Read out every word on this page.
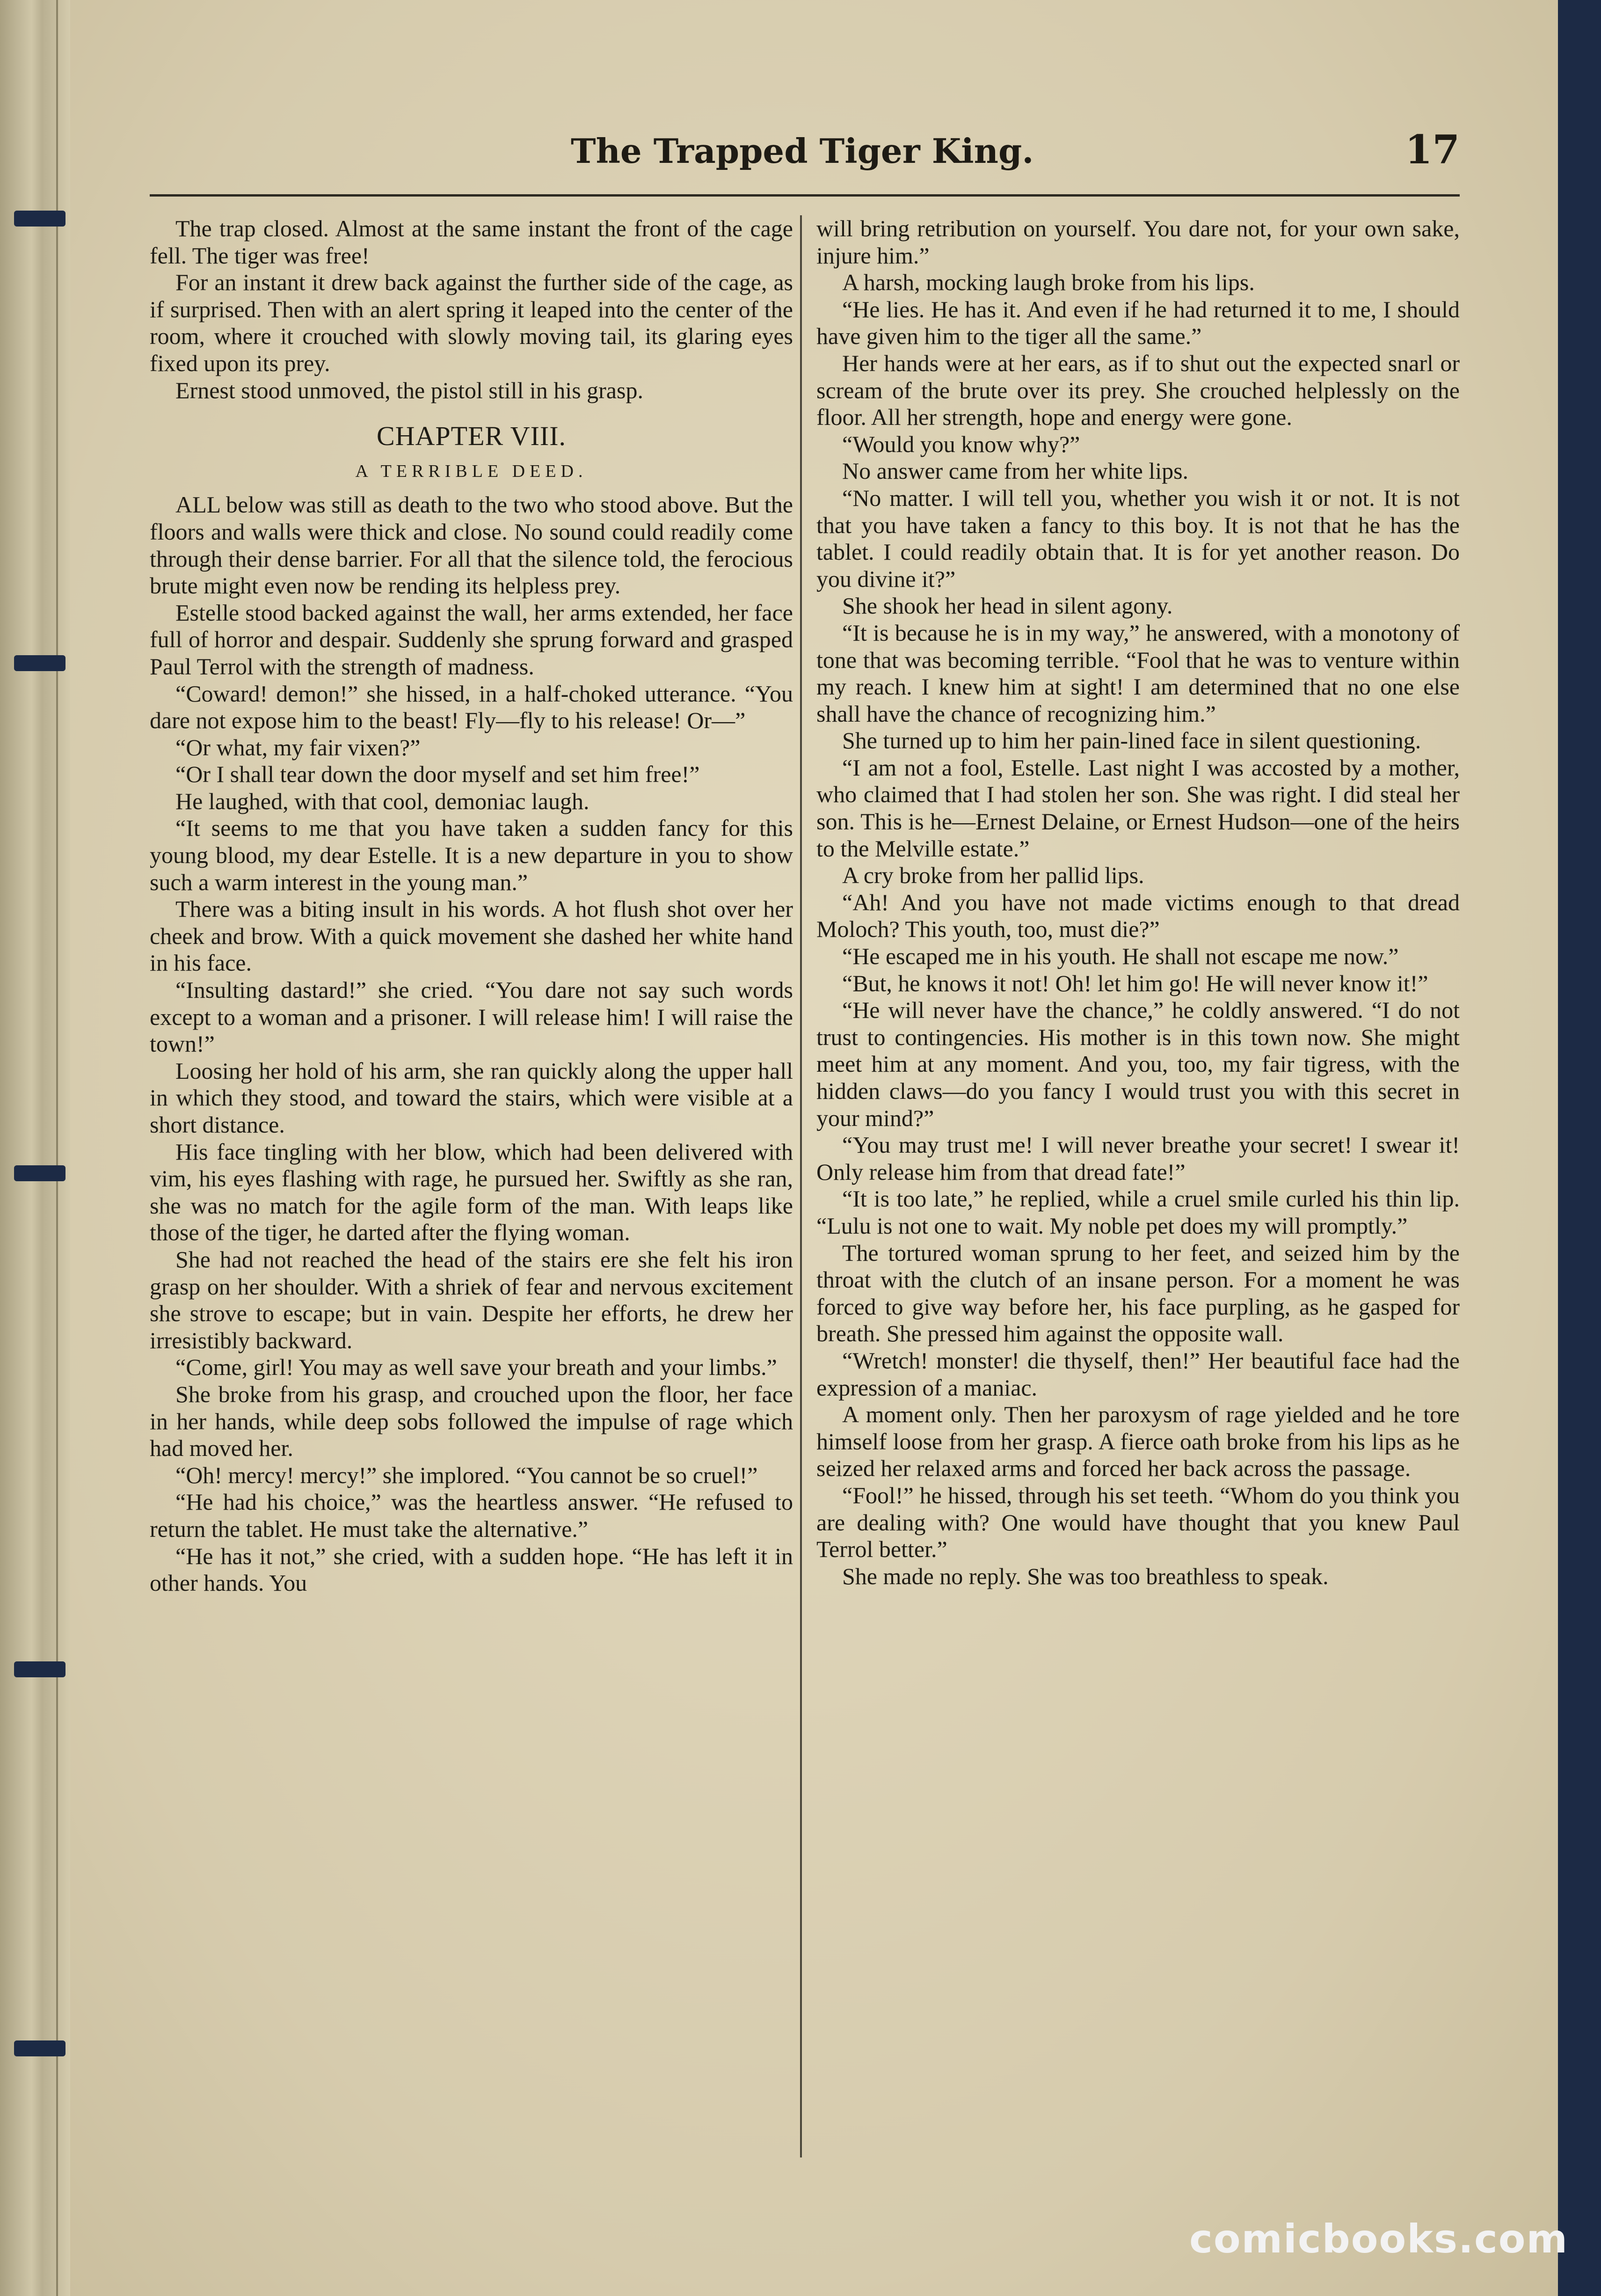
The Trapped Tiger King.	17

The trap closed. Almost at the same instant the front of the cage fell. The tiger was free!

For an instant it drew back against the further side of the cage, as if surprised. Then with an alert spring it leaped into the center of the room, where it crouched with slowly moving tail, its glaring eyes fixed upon its prey.

Ernest stood unmoved, the pistol still in his grasp.

CHAPTER VIII.
A TERRIBLE DEED.

ALL below was still as death to the two who stood above. But the floors and walls were thick and close. No sound could readily come through their dense barrier. For all that the silence told, the ferocious brute might even now be rending its helpless prey.

Estelle stood backed against the wall, her arms extended, her face full of horror and despair. Suddenly she sprung forward and grasped Paul Terrol with the strength of madness.

“Coward! demon!” she hissed, in a half-choked utterance. “You dare not expose him to the beast! Fly—fly to his release! Or—”

“Or what, my fair vixen?”

“Or I shall tear down the door myself and set him free!”

He laughed, with that cool, demoniac laugh.

“It seems to me that you have taken a sudden fancy for this young blood, my dear Estelle. It is a new departure in you to show such a warm interest in the young man.”

There was a biting insult in his words. A hot flush shot over her cheek and brow. With a quick movement she dashed her white hand in his face.

“Insulting dastard!” she cried. “You dare not say such words except to a woman and a prisoner. I will release him! I will raise the town!”

Loosing her hold of his arm, she ran quickly along the upper hall in which they stood, and toward the stairs, which were visible at a short distance.

His face tingling with her blow, which had been delivered with vim, his eyes flashing with rage, he pursued her. Swiftly as she ran, she was no match for the agile form of the man. With leaps like those of the tiger, he darted after the flying woman.

She had not reached the head of the stairs ere she felt his iron grasp on her shoulder. With a shriek of fear and nervous excitement she strove to escape; but in vain. Despite her efforts, he drew her irresistibly backward.

“Come, girl! You may as well save your breath and your limbs.”

She broke from his grasp, and crouched upon the floor, her face in her hands, while deep sobs followed the impulse of rage which had moved her.

“Oh! mercy! mercy!” she implored. “You cannot be so cruel!”

“He had his choice,” was the heartless answer. “He refused to return the tablet. He must take the alternative.”

“He has it not,” she cried, with a sudden hope. “He has left it in other hands. You

will bring retribution on yourself. You dare not, for your own sake, injure him.”

A harsh, mocking laugh broke from his lips.

“He lies. He has it. And even if he had returned it to me, I should have given him to the tiger all the same.”

Her hands were at her ears, as if to shut out the expected snarl or scream of the brute over its prey. She crouched helplessly on the floor. All her strength, hope and energy were gone.

“Would you know why?”

No answer came from her white lips.

“No matter. I will tell you, whether you wish it or not. It is not that you have taken a fancy to this boy. It is not that he has the tablet. I could readily obtain that. It is for yet another reason. Do you divine it?”

She shook her head in silent agony.

“It is because he is in my way,” he answered, with a monotony of tone that was becoming terrible. “Fool that he was to venture within my reach. I knew him at sight! I am determined that no one else shall have the chance of recognizing him.”

She turned up to him her pain-lined face in silent questioning.

“I am not a fool, Estelle. Last night I was accosted by a mother, who claimed that I had stolen her son. She was right. I did steal her son. This is he—Ernest Delaine, or Ernest Hudson—one of the heirs to the Melville estate.”

A cry broke from her pallid lips.

“Ah! And you have not made victims enough to that dread Moloch? This youth, too, must die?”

“He escaped me in his youth. He shall not escape me now.”

“But, he knows it not! Oh! let him go! He will never know it!”

“He will never have the chance,” he coldly answered. “I do not trust to contingencies. His mother is in this town now. She might meet him at any moment. And you, too, my fair tigress, with the hidden claws—do you fancy I would trust you with this secret in your mind?”

“You may trust me! I will never breathe your secret! I swear it! Only release him from that dread fate!”

“It is too late,” he replied, while a cruel smile curled his thin lip. “Lulu is not one to wait. My noble pet does my will promptly.”

The tortured woman sprung to her feet, and seized him by the throat with the clutch of an insane person. For a moment he was forced to give way before her, his face purpling, as he gasped for breath. She pressed him against the opposite wall.

“Wretch! monster! die thyself, then!” Her beautiful face had the expression of a maniac.

A moment only. Then her paroxysm of rage yielded and he tore himself loose from her grasp. A fierce oath broke from his lips as he seized her relaxed arms and forced her back across the passage.

“Fool!” he hissed, through his set teeth. “Whom do you think you are dealing with? One would have thought that you knew Paul Terrol better.”

She made no reply. She was too breathless to speak.

comicbooks.com
